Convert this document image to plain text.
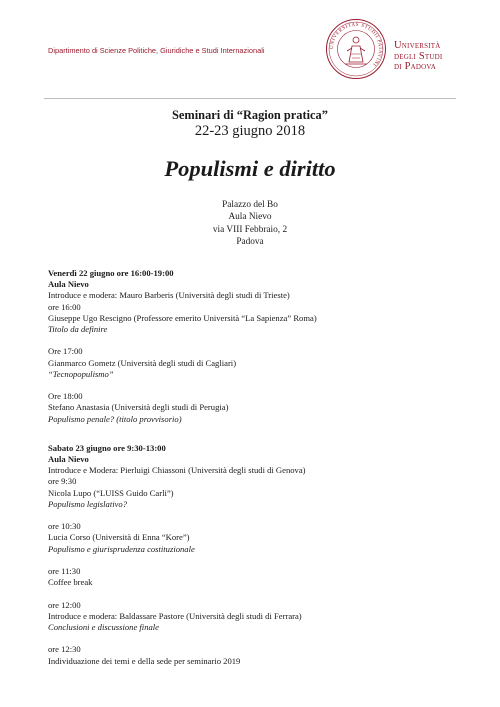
Dipartimento di Scienze Politiche, Giuridiche e Studi Internazionali	UNIVERSITAS STUDII PATAVINI
Università
degli Studi
di Padova
Seminari di “Ragion pratica”
22-23 giugno 2018
Populismi e diritto
Palazzo del Bo
Aula Nievo
via VIII Febbraio, 2
Padova
Venerdì 22 giugno ore 16:00-19:00
Aula Nievo
Introduce e modera: Mauro Barberis (Università degli studi di Trieste)
ore 16:00
Giuseppe Ugo Rescigno (Professore emerito Università “La Sapienza” Roma)
Titolo da definire
Ore 17:00
Gianmarco Gometz (Università degli studi di Cagliari)
“Tecnopopulismo”
Ore 18:00
Stefano Anastasia (Università degli studi di Perugia)
Populismo penale? (titolo provvisorio)
Sabato 23 giugno ore 9:30-13:00
Aula Nievo
Introduce e Modera: Pierluigi Chiassoni (Università degli studi di Genova)
ore 9:30
Nicola Lupo (“LUISS Guido Carli”)
Populismo legislativo?
ore 10:30
Lucia Corso (Università di Enna “Kore”)
Populismo e giurisprudenza costituzionale
ore 11:30
Coffee break
ore 12:00
Introduce e moderа: Baldassare Pastore (Università degli studi di Ferrara)
Conclusioni e discussione finale
ore 12:30
Individuazione dei temi e della sede per seminario 2019
